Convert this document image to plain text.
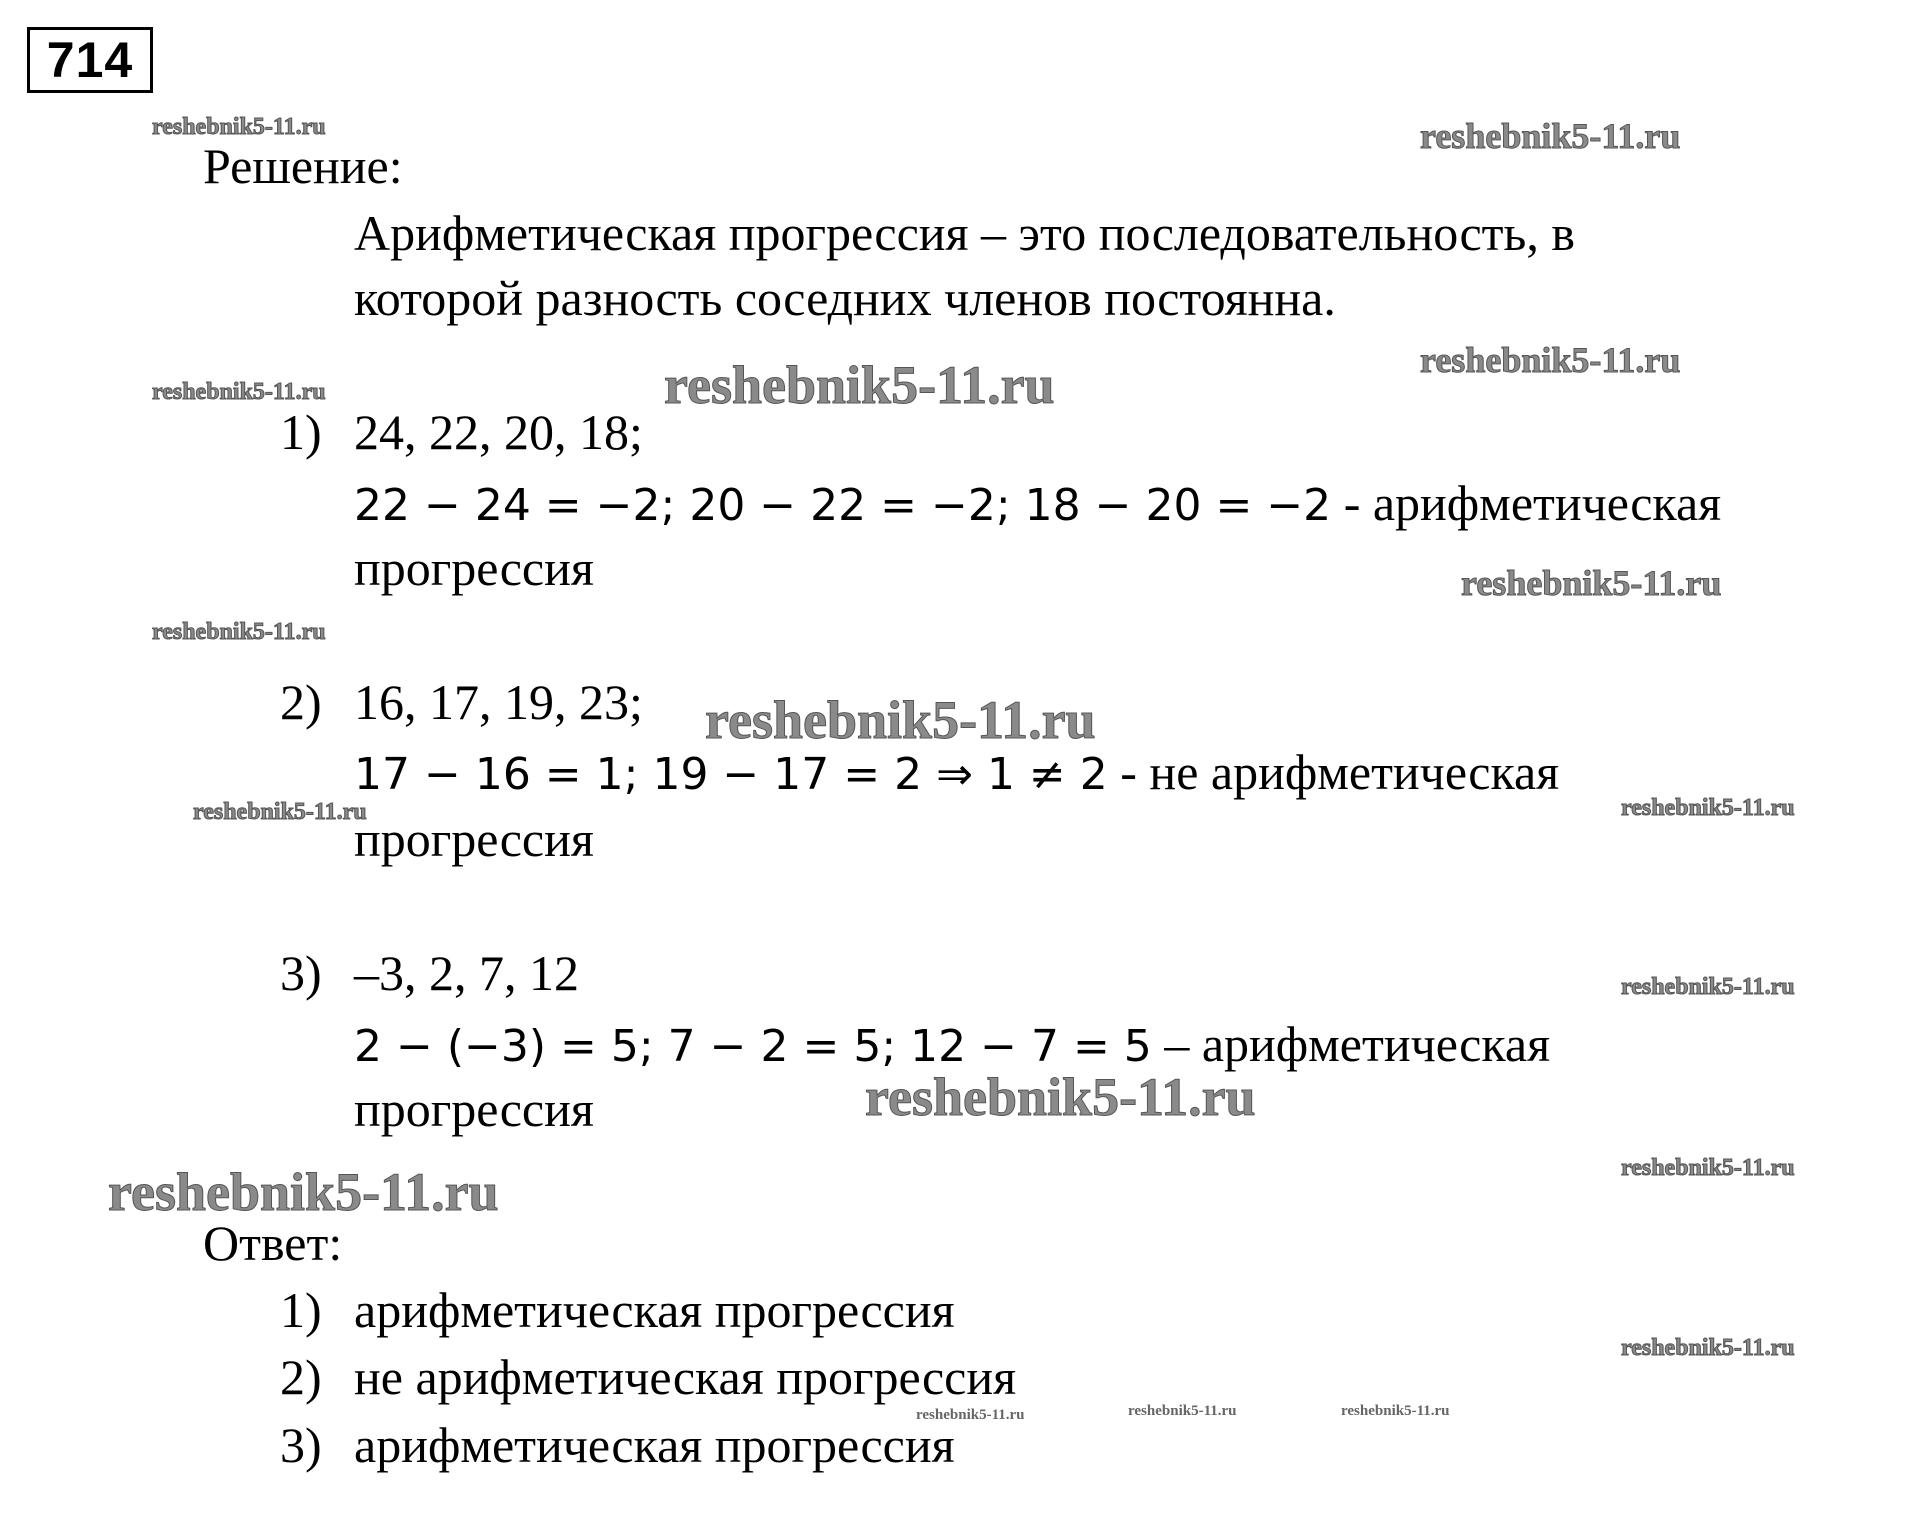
714
Решение:
Арифметическая прогрессия – это последовательность, в
которой разность соседних членов постоянна.
1) 24, 22, 20, 18;
22 − 24 = −2; 20 − 22 = −2; 18 − 20 = −2 - арифметическая
прогрессия
2) 16, 17, 19, 23;
17 − 16 = 1; 19 − 17 = 2 ⇒ 1 ≠ 2 - не арифметическая
прогрессия
3) –3, 2, 7, 12
2 − (−3) = 5; 7 − 2 = 5; 12 − 7 = 5 – арифметическая
прогрессия
Ответ:
1) арифметическая прогрессия
2) не арифметическая прогрессия
3) арифметическая прогрессия
reshebnik5-11.ru
reshebnik5-11.ru
reshebnik5-11.ru
reshebnik5-11.ru
reshebnik5-11.ru
reshebnik5-11.ru
reshebnik5-11.ru
reshebnik5-11.ru
reshebnik5-11.ru
reshebnik5-11.ru
reshebnik5-11.ru
reshebnik5-11.ru
reshebnik5-11.ru
reshebnik5-11.ru
reshebnik5-11.ru
reshebnik5-11.ru	reshebnik5-11.ru	reshebnik5-11.ru
